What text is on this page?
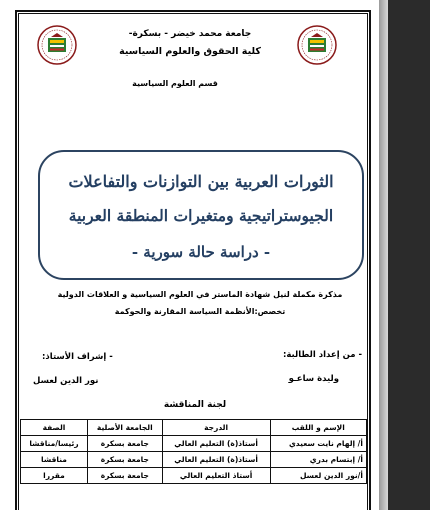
جامعة محمد خيضر - بسكرة-
كلية الحقوق والعلوم السياسية
قسم العلوم السياسية
الثورات العربية بين التوازنات والتفاعلات
الجيوستراتيجية ومتغيرات المنطقة العربية
- دراسة حالة سورية -
مذكرة مكملة لنيل شهادة الماستر في العلوم السياسية و العلاقات الدولية
تخصص:الأنظمة السياسة المقارنة والحوكمة
- من إعداد الطالبة:
- إشراف الأستاذ:
وليدة ساعـو
نور الدين لعسل
لجنة المناقشة
الإسم و اللقب	الدرجة	الجامعة الأصلية	الصفة
أ/ إلهام نايت سعيدي	أستاذ(ة) التعليم العالي	جامعة بسكرة	رئيسا/مناقشا
أ/ إبتسام بدري	أستاذ(ة) التعليم العالي	جامعة بسكرة	مناقشا
أ/نور الدين لعسل	أستاذ التعليم العالي	جامعة بسكرة	مقررا
